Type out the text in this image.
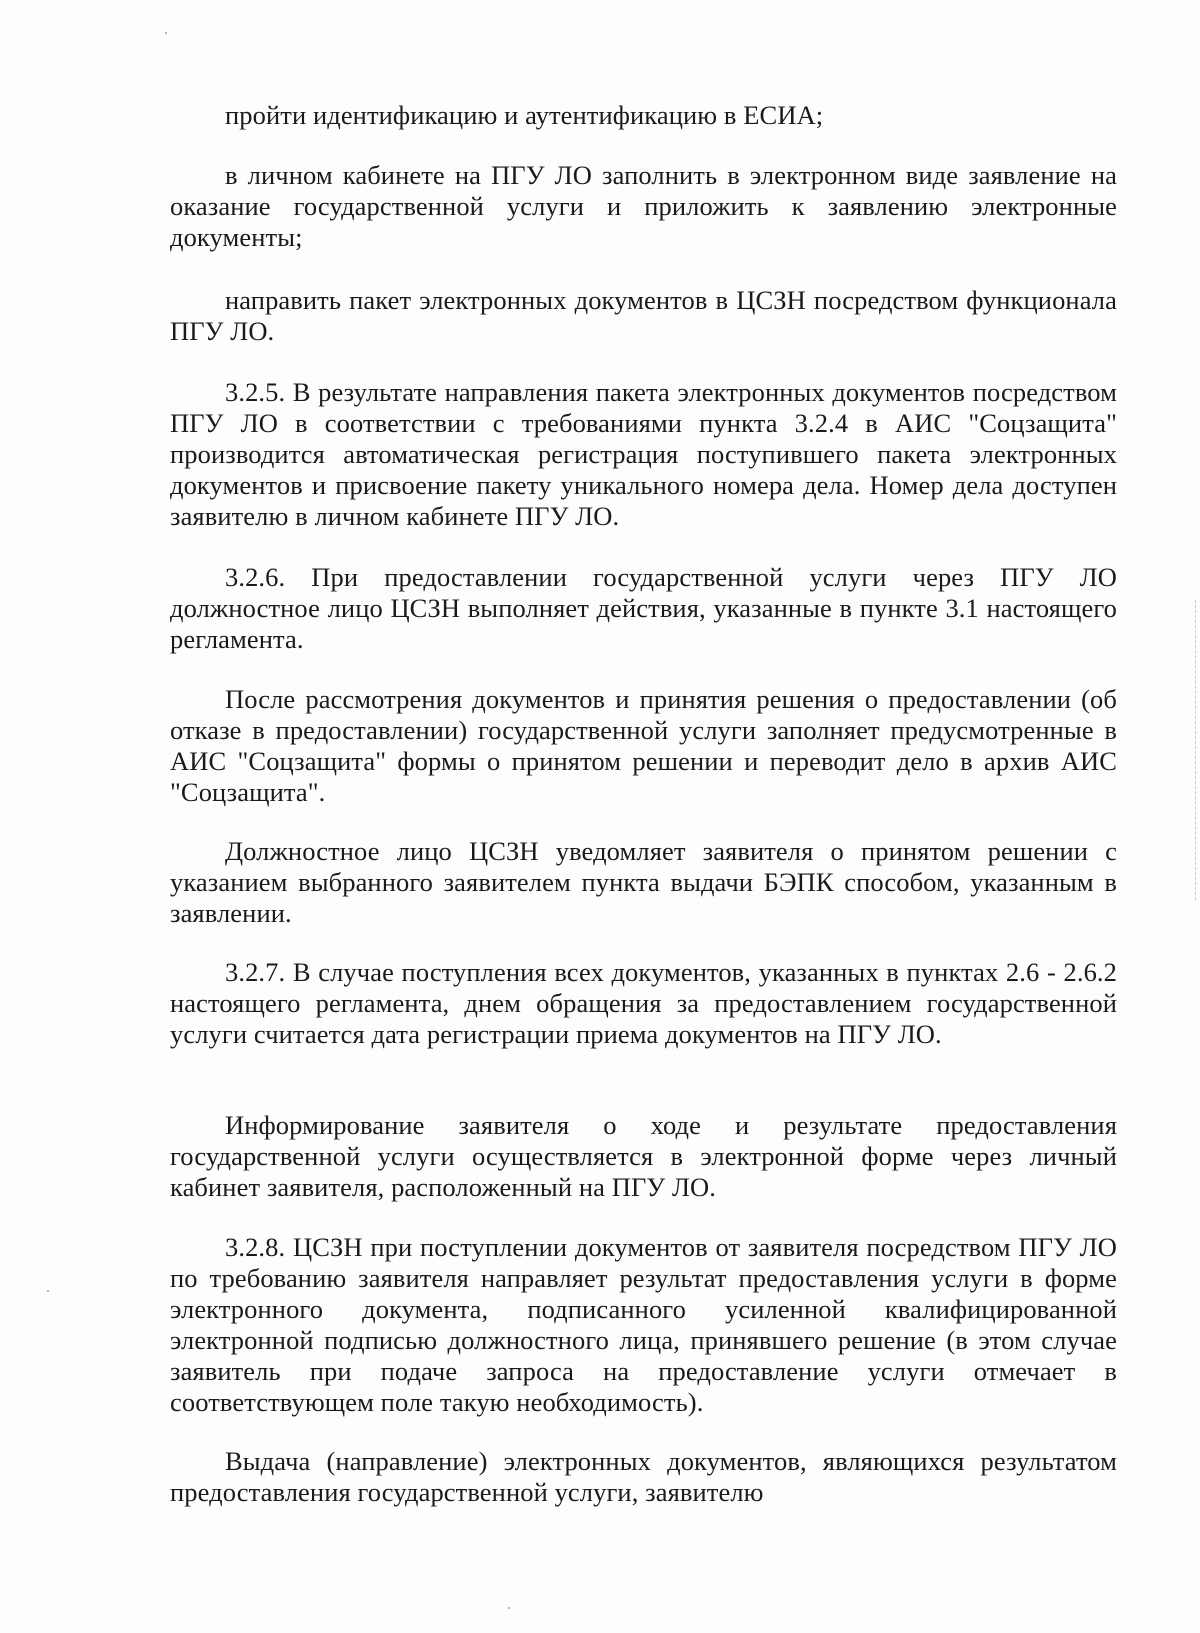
пройти идентификацию и аутентификацию в ЕСИА;

в личном кабинете на ПГУ ЛО заполнить в электронном виде заявление на оказание государственной услуги и приложить к заявлению электронные документы;

направить пакет электронных документов в ЦСЗН посредством функционала ПГУ ЛО.

3.2.5. В результате направления пакета электронных документов посредством ПГУ ЛО в соответствии с требованиями пункта 3.2.4 в АИС "Соцзащита" производится автоматическая регистрация поступившего пакета электронных документов и присвоение пакету уникального номера дела. Номер дела доступен заявителю в личном кабинете ПГУ ЛО.

3.2.6. При предоставлении государственной услуги через ПГУ ЛО должностное лицо ЦСЗН выполняет действия, указанные в пункте 3.1 настоящего регламента.

После рассмотрения документов и принятия решения о предоставлении (об отказе в предоставлении) государственной услуги заполняет предусмотренные в АИС "Соцзащита" формы о принятом решении и переводит дело в архив АИС "Соцзащита".

Должностное лицо ЦСЗН уведомляет заявителя о принятом решении с указанием выбранного заявителем пункта выдачи БЭПК способом, указанным в заявлении.

3.2.7. В случае поступления всех документов, указанных в пунктах 2.6 - 2.6.2 настоящего регламента, днем обращения за предоставлением государственной услуги считается дата регистрации приема документов на ПГУ ЛО.

Информирование заявителя о ходе и результате предоставления государственной услуги осуществляется в электронной форме через личный кабинет заявителя, расположенный на ПГУ ЛО.

3.2.8. ЦСЗН при поступлении документов от заявителя посредством ПГУ ЛО по требованию заявителя направляет результат предоставления услуги в форме электронного документа, подписанного усиленной квалифицированной электронной подписью должностного лица, принявшего решение (в этом случае заявитель при подаче запроса на предоставление услуги отмечает в соответствующем поле такую необходимость).

Выдача (направление) электронных документов, являющихся результатом предоставления государственной услуги, заявителю
